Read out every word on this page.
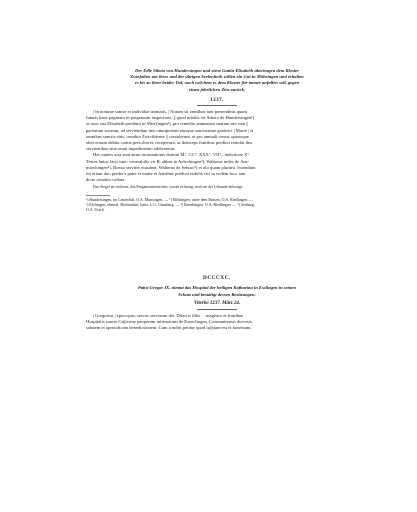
Der Edle Siboto von Hundersingen und seine Gattin Elisabeth übertragen dem Kloster
Zwiefalten um ihres und der übrigen Seelenheils willen ein Gut in Möhringen und erhalten
es bis zu ihrer beider Tod, nach welchem es dem Kloster für immer anfallen soll, gegen
einen jährlichen Zins zurück.
1237.
| In nomine sancte et individue trinitatis. | Notum sit omnibus tam presentibus quam
futuris hanc paginam in perpetuum inspecturis, || quod nobilis vir Siboto de Hundersingen¹)
et uxor sua Elisabeth predium in Mer(i)ngen²), pro remedio animarum suarum nec non ||
parentum suorum, ad serviendum deo omnipotenti eiusque sanctissime genitrici | Marie | et
omnibus sanctis eius, cenobio Zwivildense || contulerunt, et pro annuali censu, quousque
alter eorum debita carnis persolveret, receperunt, ut deinceps fratribus predicti cenobii deo
servientibus sine omni impedimento addiceretur.
Hec autem acta sunt anno incarnationis domini M°. CC°. XXX°. VII°., indictione X°.
Testes huius facti sunt: venerabilis vir B. abbas in Aelechingen³), Walterus miles de Ane-
marchingen⁴), Rozzo servitor eiusdem, Walterus de Seburc⁵) et alii quam plurimi. Sciendum
est etiam duo predia a patre et matre et fratribus predicti nobilis viri in eodem loco iam
dicto cenobio collata.
Das Siegel ist verloren, das Pergamentriemchen, woran es hieng, noch an der Urkunde befestigt.
¹) Hundersingen, im Lauterthal, O.A. Münsingen. — ²) Möhringen, unter dem Bussen, O.A. Riedlingen. —
³) Elchingen, ehemal. Reichsabtei, baier. L.G. Günzburg. — ⁴) Emerkingen, O.A. Riedlingen. — ⁵) Seeburg,
O.A. Urach.
DCCCXC.
Pabst Gregor IX. nimmt das Hospital der heiligen Katharina in Esslingen in seinen
Schutz und bestätigt dessen Besitzungen.
Viterbo 1237. März 24.
| Gregorius | episcopus, servus servorum dei. Dilectis filiis . . magistro et fratribus
Hospitalis sancte Ca||terine pauperum infirmorum de Ezzeclingen, Constantiensis diocesis,
salutem et apostolicam benedictionem. Cum a nobis petitur quod iu||stum est et honestum,
